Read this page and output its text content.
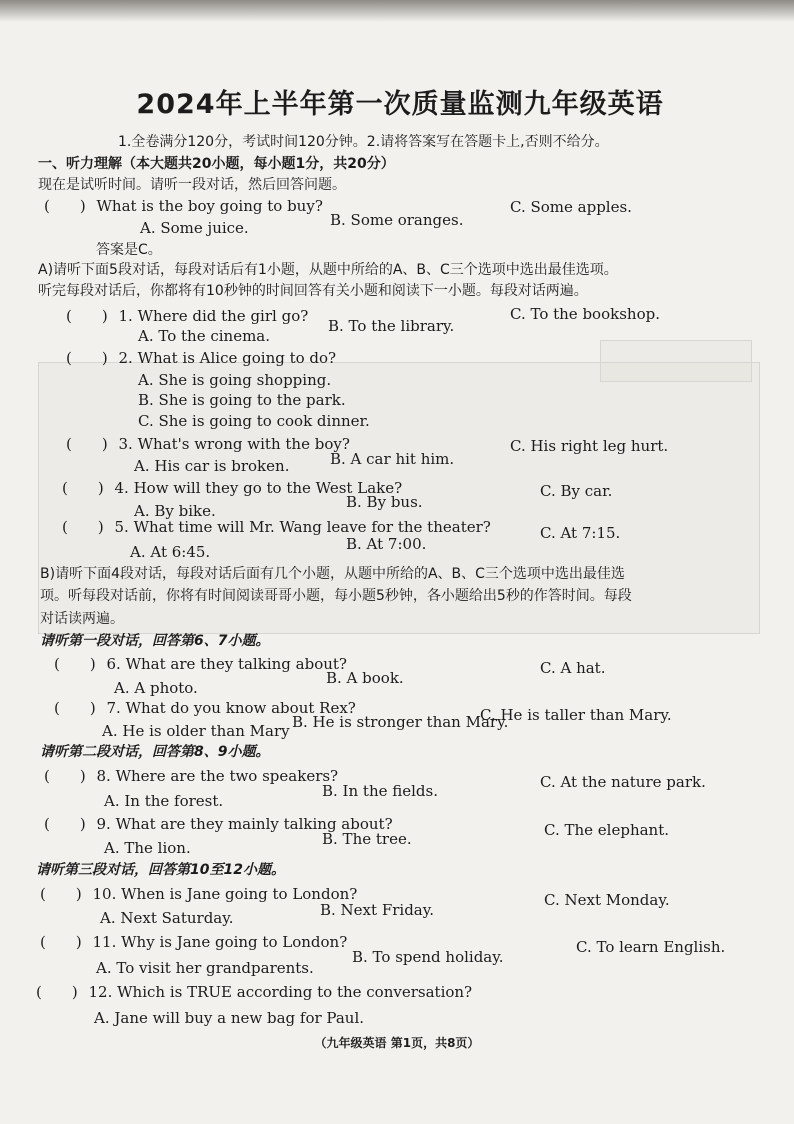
2024年上半年第一次质量监测九年级英语
1.全卷满分120分，考试时间120分钟。2.请将答案写在答题卡上,否则不给分。
一、听力理解（本大题共20小题，每小题1分，共20分）
现在是试听时间。请听一段对话，然后回答问题。
(　　) What is the boy going to buy?
A. Some juice.	B. Some oranges.
C. Some apples.
答案是C。
A)请听下面5段对话，每段对话后有1小题，从题中所给的A、B、C三个选项中选出最佳选项。
听完每段对话后，你都将有10秒钟的时间回答有关小题和阅读下一小题。每段对话两遍。
(　　) 1. Where did the girl go?
A. To the cinema.
B. To the library.
C. To the bookshop.
(　　) 2. What is Alice going to do?
A. She is going shopping.
B. She is going to the park.
C. She is going to cook dinner.
(　　) 3. What's wrong with the boy?
A. His car is broken.	B. A car hit him.
C. His right leg hurt.
(　　) 4. How will they go to the West Lake?
A. By bike.	B. By bus.
C. By car.
(　　) 5. What time will Mr. Wang leave for the theater?
A. At 6:45.	B. At 7:00.
C. At 7:15.
B)请听下面4段对话，每段对话后面有几个小题，从题中所给的A、B、C三个选项中选出最佳选
项。听每段对话前，你将有时间阅读哥哥小题，每小题5秒钟，各小题给出5秒的作答时间。每段
对话读两遍。
请听第一段对话，回答第6、7小题。
(　　) 6. What are they talking about?
A. A photo.
B. A book.
C. A hat.
(　　) 7. What do you know about Rex?
A. He is older than Mary B. He is stronger than Mary.
C. He is taller than Mary.
请听第二段对话，回答第8、9小题。
(　　) 8. Where are the two speakers?
A. In the forest.
B. In the fields.	C. At the nature park.
(　　) 9. What are they mainly talking about?
A. The lion.	B. The tree.	C. The elephant.
请听第三段对话，回答第10至12小题。
(　　) 10. When is Jane going to London?
A. Next Saturday.	B. Next Friday.
C. Next Monday.
(　　) 11. Why is Jane going to London?
A. To visit her grandparents.
B. To spend holiday.
C. To learn English.
(　　) 12. Which is TRUE according to the conversation?
A. Jane will buy a new bag for Paul.
（九年级英语 第1页，共8页）
